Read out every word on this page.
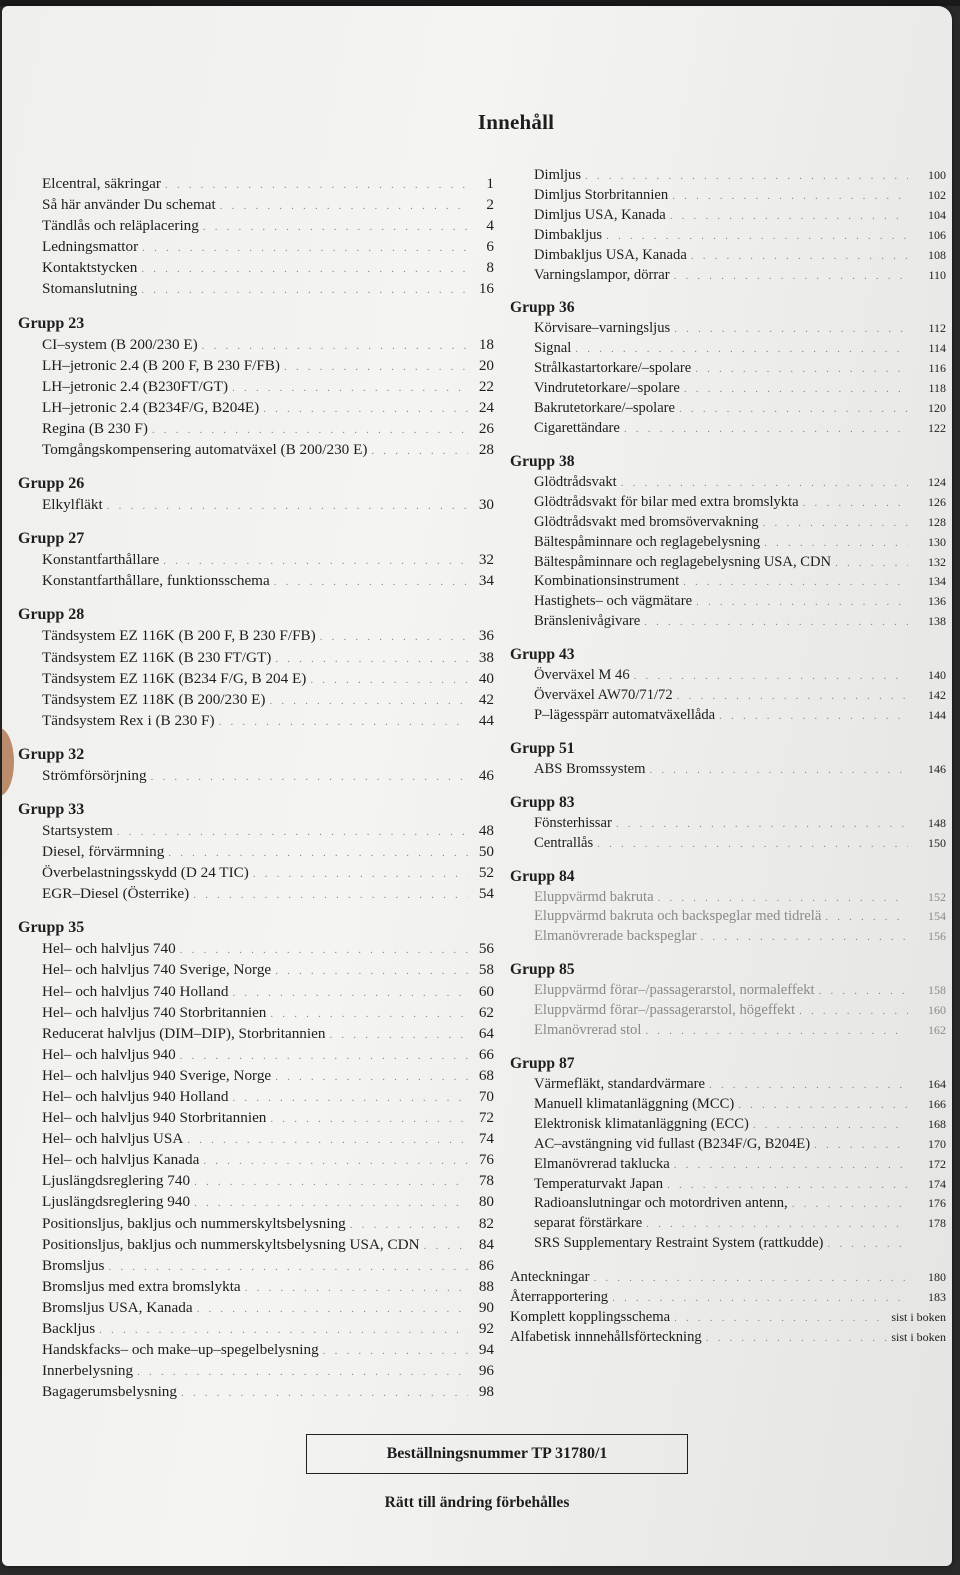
Innehåll
Elcentral, säkringar . . .	1
Så här använder Du schemat . . .	2
Tändlås och reläplacering . . .	4
Ledningsmattor . . .	6
Kontaktstycken . . .	8
Stomanslutning . . .	16
Grupp 23
CI–system (B 200/230 E) . . .	18
LH–jetronic 2.4 (B 200 F, B 230 F/FB) . . .	20
LH–jetronic 2.4 (B230FT/GT) . . .	22
LH–jetronic 2.4 (B234F/G, B204E) . . .	24
Regina (B 230 F) . . .	26
Tomgångskompensering automatväxel (B 200/230 E) . . .	28
Grupp 26
Elkylfläkt . . .	30
Grupp 27
Konstantfarthållare . . .	32
Konstantfarthållare, funktionsschema . . .	34
Grupp 28
Tändsystem EZ 116K (B 200 F, B 230 F/FB) . . .	36
Tändsystem EZ 116K (B 230 FT/GT) . . .	38
Tändsystem EZ 116K (B234 F/G, B 204 E) . . .	40
Tändsystem EZ 118K (B 200/230 E) . . .	42
Tändsystem Rex i (B 230 F) . . .	44
Grupp 32
Strömförsörjning . . .	46
Grupp 33
Startsystem . . .	48
Diesel, förvärmning . . .	50
Överbelastningsskydd (D 24 TIC) . . .	52
EGR–Diesel (Österrike) . . .	54
Grupp 35
Hel– och halvljus 740 . . .	56
Hel– och halvljus 740 Sverige, Norge . . .	58
Hel– och halvljus 740 Holland . . .	60
Hel– och halvljus 740 Storbritannien . . .	62
Reducerat halvljus (DIM–DIP), Storbritannien . . .	64
Hel– och halvljus 940 . . .	66
Hel– och halvljus 940 Sverige, Norge . . .	68
Hel– och halvljus 940 Holland . . .	70
Hel– och halvljus 940 Storbritannien . . .	72
Hel– och halvljus USA . . .	74
Hel– och halvljus Kanada . . .	76
Ljuslängdsreglering 740 . . .	78
Ljuslängdsreglering 940 . . .	80
Positionsljus, bakljus och nummerskyltsbelysning . . .	82
Positionsljus, bakljus och nummerskyltsbelysning USA, CDN . . .	84
Bromsljus . . .	86
Bromsljus med extra bromslykta . . .	88
Bromsljus USA, Kanada . . .	90
Backljus . . .	92
Handskfacks– och make–up–spegelbelysning . . .	94
Innerbelysning . . .	96
Bagagerumsbelysning . . .	98
Dimljus . . .	100
Dimljus Storbritannien . . .	102
Dimljus USA, Kanada . . .	104
Dimbakljus . . .	106
Dimbakljus USA, Kanada . . .	108
Varningslampor, dörrar . . .	110
Grupp 36
Körvisare–varningsljus . . .	112
Signal . . .	114
Strålkastartorkare/–spolare . . .	116
Vindrutetorkare/–spolare . . .	118
Bakrutetorkare/–spolare . . .	120
Cigarettändare . . .	122
Grupp 38
Glödtrådsvakt . . .	124
Glödtrådsvakt för bilar med extra bromslykta . . .	126
Glödtrådsvakt med bromsövervakning . . .	128
Bältespåminnare och reglagebelysning . . .	130
Bältespåminnare och reglagebelysning USA, CDN . . .	132
Kombinationsinstrument . . .	134
Hastighets– och vägmätare . . .	136
Bränslenivågivare . . .	138
Grupp 43
Överväxel M 46 . . .	140
Överväxel AW70/71/72 . . .	142
P–lägesspärr automatväxellåda . . .	144
Grupp 51
ABS Bromssystem . . .	146
Grupp 83
Fönsterhissar . . .	148
Centrallås . . .	150
Grupp 84
Eluppvärmd bakruta . . .	152
Eluppvärmd bakruta och backspeglar med tidrelä . . .	154
Elmanövrerade backspeglar . . .	156
Grupp 85
Eluppvärmd förar–/passagerarstol, normaleffekt . . .	158
Eluppvärmd förar–/passagerarstol, högeffekt . . .	160
Elmanövrerad stol . . .	162
Grupp 87
Värmefläkt, standardvärmare . . .	164
Manuell klimatanläggning (MCC) . . .	166
Elektronisk klimatanläggning (ECC) . . .	168
AC–avstängning vid fullast (B234F/G, B204E) . . .	170
Elmanövrerad taklucka . . .	172
Temperaturvakt Japan . . .	174
Radioanslutningar och motordriven antenn, . . .	176
separat förstärkare . . .	178
SRS Supplementary Restraint System (rattkudde)
. . .
Anteckningar . . .	180
Återrapportering . . .	183
Komplett kopplingsschema . . .	sist i boken
Alfabetisk innnehållsförteckning . . .	sist i boken
Beställningsnummer TP 31780/1
Rätt till ändring förbehålles
